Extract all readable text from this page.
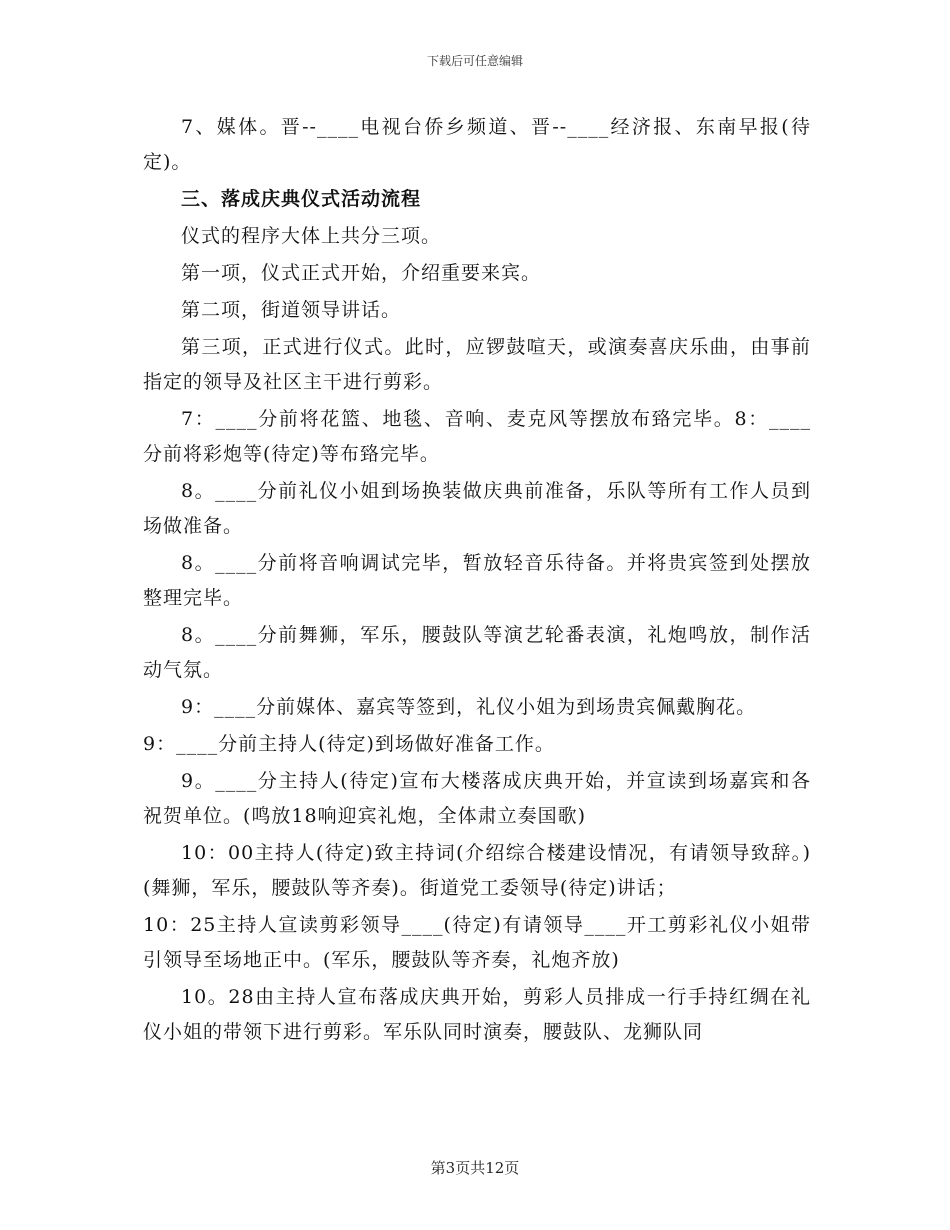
下载后可任意编辑

7、媒体。晋--____电视台侨乡频道、晋--____经济报、东南早报(待定)。

三、落成庆典仪式活动流程

仪式的程序大体上共分三项。

第一项，仪式正式开始，介绍重要来宾。

第二项，街道领导讲话。

第三项，正式进行仪式。此时，应锣鼓喧天，或演奏喜庆乐曲，由事前指定的领导及社区主干进行剪彩。

7：____分前将花篮、地毯、音响、麦克风等摆放布臵完毕。8：____分前将彩炮等(待定)等布臵完毕。

8。____分前礼仪小姐到场换装做庆典前准备，乐队等所有工作人员到场做准备。

8。____分前将音响调试完毕，暂放轻音乐待备。并将贵宾签到处摆放整理完毕。

8。____分前舞狮，军乐，腰鼓队等演艺轮番表演，礼炮鸣放，制作活动气氛。

9：____分前媒体、嘉宾等签到，礼仪小姐为到场贵宾佩戴胸花。

9：____分前主持人(待定)到场做好准备工作。

9。____分主持人(待定)宣布大楼落成庆典开始，并宣读到场嘉宾和各祝贺单位。(鸣放18响迎宾礼炮，全体肃立奏国歌)

10：00主持人(待定)致主持词(介绍综合楼建设情况，有请领导致辞。)(舞狮，军乐，腰鼓队等齐奏)。街道党工委领导(待定)讲话；

10：25主持人宣读剪彩领导____(待定)有请领导____开工剪彩礼仪小姐带引领导至场地正中。(军乐，腰鼓队等齐奏，礼炮齐放)

10。28由主持人宣布落成庆典开始，剪彩人员排成一行手持红绸在礼仪小姐的带领下进行剪彩。军乐队同时演奏，腰鼓队、龙狮队同

第3页共12页
